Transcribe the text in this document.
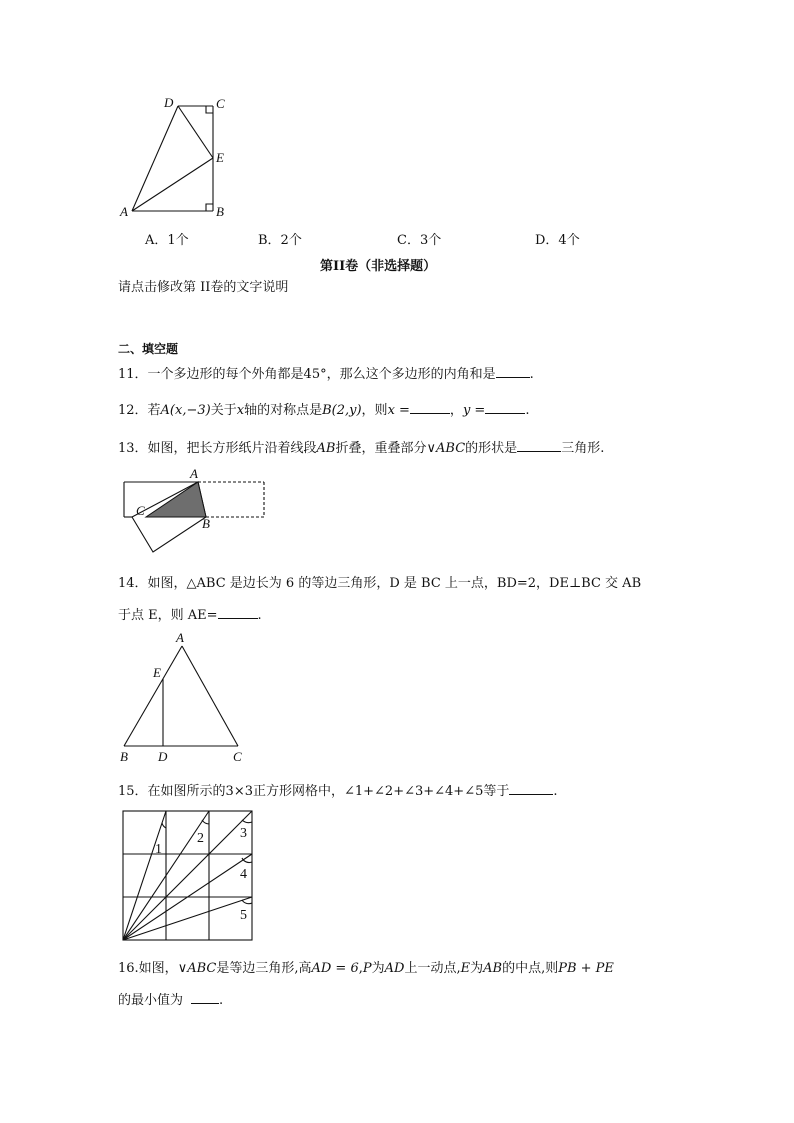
D	C
E
A	B
A．1个	B．2个	C．3个	D．4个
第II卷（非选择题）
请点击修改第 II卷的文字说明
二、填空题
11．一个多边形的每个外角都是45°，那么这个多边形的内角和是	.
12．若A(x,−3)关于x轴的对称点是B(2,y)，则x =	，y =	.
13．如图，把长方形纸片沿着线段AB折叠，重叠部分∨ABC的形状是	三角形.
A
C
B
14．如图，△ABC 是边长为 6 的等边三角形，D 是 BC 上一点，BD=2，DE⊥BC 交 AB
于点 E，则 AE=	.
A
E
B D	C
15．在如图所示的3×3正方形网格中，∠1+∠2+∠3+∠4+∠5等于	.
1
2	3
4
5
16.如图，∨ABC是等边三角形,高AD = 6,P为AD上一动点,E为AB的中点,则PB + PE
的最小值为	.
